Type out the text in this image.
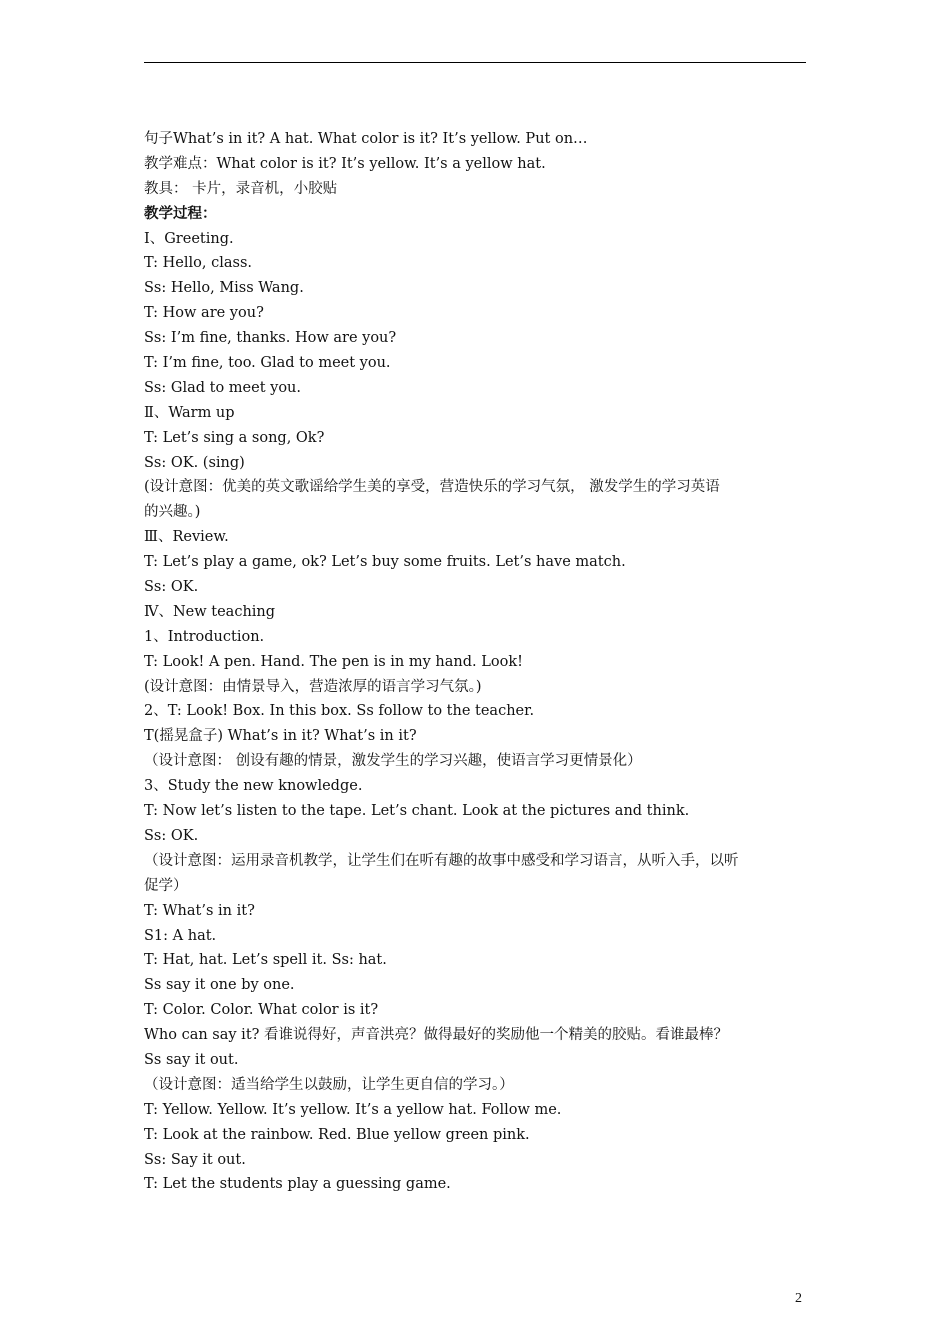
句子What’s in it? A hat. What color is it? It’s yellow. Put on…
教学难点：What color is it? It’s yellow. It’s a yellow hat.
教具： 卡片，录音机，小胶贴
教学过程：
Ⅰ、Greeting.
T: Hello, class.
Ss: Hello, Miss Wang.
T: How are you?
Ss: I’m fine, thanks. How are you?
T: I’m fine, too. Glad to meet you.
Ss: Glad to meet you.
Ⅱ、Warm up
T: Let’s sing a song, Ok?
Ss: OK. (sing)
(设计意图：优美的英文歌谣给学生美的享受，营造快乐的学习气氛， 激发学生的学习英语
的兴趣。)
Ⅲ、Review.
T: Let’s play a game, ok? Let’s buy some fruits. Let’s have match.
Ss: OK.
Ⅳ、New teaching
1、Introduction.
T: Look! A pen. Hand. The pen is in my hand. Look!
(设计意图：由情景导入，营造浓厚的语言学习气氛。)
2、T: Look! Box. In this box. Ss follow to the teacher.
T(摇晃盒子) What’s in it? What’s in it?
（设计意图： 创设有趣的情景，激发学生的学习兴趣，使语言学习更情景化）
3、Study the new knowledge.
T: Now let’s listen to the tape. Let’s chant. Look at the pictures and think.
Ss: OK.
（设计意图：运用录音机教学，让学生们在听有趣的故事中感受和学习语言，从听入手，以听
促学）
T: What’s in it?
S1: A hat.
T: Hat, hat. Let’s spell it. Ss: hat.
Ss say it one by one.
T: Color. Color. What color is it?
Who can say it? 看谁说得好，声音洪亮？做得最好的奖励他一个精美的胶贴。看谁最棒？
Ss say it out.
（设计意图：适当给学生以鼓励，让学生更自信的学习。）
T: Yellow. Yellow. It’s yellow. It’s a yellow hat. Follow me.
T: Look at the rainbow. Red. Blue yellow green pink.
Ss: Say it out.
T: Let the students play a guessing game.
2
